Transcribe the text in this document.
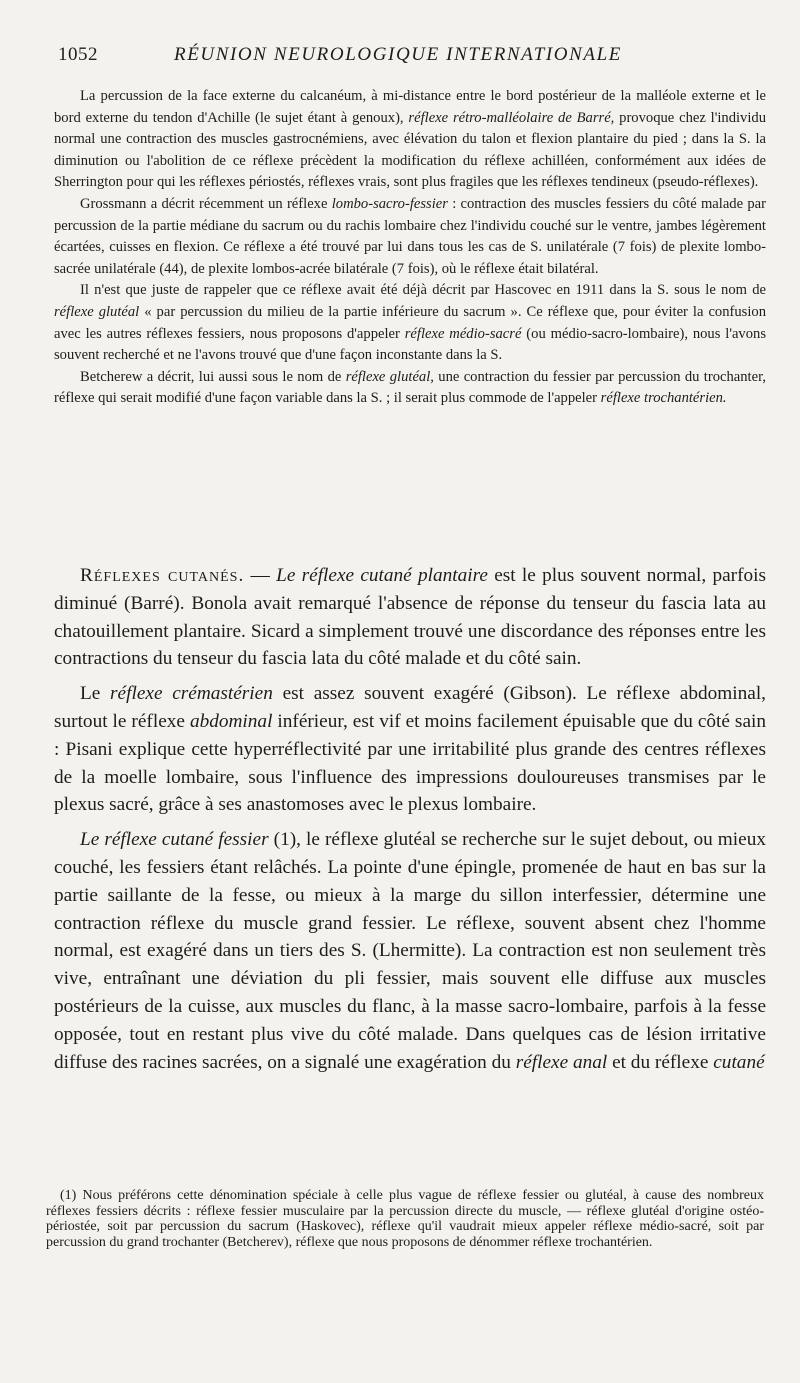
1052	RÉUNION NEUROLOGIQUE INTERNATIONALE

La percussion de la face externe du calcanéum, à mi-distance entre le bord postérieur de la malléole externe et le bord externe du tendon d'Achille (le sujet étant à genoux), réflexe rétro-malléolaire de Barré, provoque chez l'individu normal une contraction des muscles gastrocnémiens, avec élévation du talon et flexion plantaire du pied ; dans la S. la diminution ou l'abolition de ce réflexe précèdent la modification du réflexe achilléen, conformément aux idées de Sherrington pour qui les réflexes périostés, réflexes vrais, sont plus fragiles que les réflexes tendineux (pseudo-réflexes).

Grossmann a décrit récemment un réflexe lombo-sacro-fessier : contraction des muscles fessiers du côté malade par percussion de la partie médiane du sacrum ou du rachis lombaire chez l'individu couché sur le ventre, jambes légèrement écartées, cuisses en flexion. Ce réflexe a été trouvé par lui dans tous les cas de S. unilatérale (7 fois) de plexite lombo-sacrée unilatérale (44), de plexite lombos-acrée bilatérale (7 fois), où le réflexe était bilatéral.

Il n'est que juste de rappeler que ce réflexe avait été déjà décrit par Hascovec en 1911 dans la S. sous le nom de réflexe glutéal « par percussion du milieu de la partie inférieure du sacrum ». Ce réflexe que, pour éviter la confusion avec les autres réflexes fessiers, nous proposons d'appeler réflexe médio-sacré (ou médio-sacro-lombaire), nous l'avons souvent recherché et ne l'avons trouvé que d'une façon inconstante dans la S.

Betcherew a décrit, lui aussi sous le nom de réflexe glutéal, une contraction du fessier par percussion du trochanter, réflexe qui serait modifié d'une façon variable dans la S. ; il serait plus commode de l'appeler réflexe trochantérien.

Réflexes cutanés. — Le réflexe cutané plantaire est le plus souvent normal, parfois diminué (Barré). Bonola avait remarqué l'absence de réponse du tenseur du fascia lata au chatouillement plantaire. Sicard a simplement trouvé une discordance des réponses entre les contractions du tenseur du fascia lata du côté malade et du côté sain.

Le réflexe crémastérien est assez souvent exagéré (Gibson). Le réflexe abdominal, surtout le réflexe abdominal inférieur, est vif et moins facilement épuisable que du côté sain : Pisani explique cette hyperréflectivité par une irritabilité plus grande des centres réflexes de la moelle lombaire, sous l'influence des impressions douloureuses transmises par le plexus sacré, grâce à ses anastomoses avec le plexus lombaire.

Le réflexe cutané fessier (1), le réflexe glutéal se recherche sur le sujet debout, ou mieux couché, les fessiers étant relâchés. La pointe d'une épingle, promenée de haut en bas sur la partie saillante de la fesse, ou mieux à la marge du sillon interfessier, détermine une contraction réflexe du muscle grand fessier. Le réflexe, souvent absent chez l'homme normal, est exagéré dans un tiers des S. (Lhermitte). La contraction est non seulement très vive, entraînant une déviation du pli fessier, mais souvent elle diffuse aux muscles postérieurs de la cuisse, aux muscles du flanc, à la masse sacro-lombaire, parfois à la fesse opposée, tout en restant plus vive du côté malade. Dans quelques cas de lésion irritative diffuse des racines sacrées, on a signalé une exagération du réflexe anal et du réflexe cutané

(1) Nous préférons cette dénomination spéciale à celle plus vague de réflexe fessier ou glutéal, à cause des nombreux réflexes fessiers décrits : réflexe fessier musculaire par la percussion directe du muscle, — réflexe glutéal d'origine ostéo-périostée, soit par percussion du sacrum (Haskovec), réflexe qu'il vaudrait mieux appeler réflexe médio-sacré, soit par percussion du grand trochanter (Betcherev), réflexe que nous proposons de dénommer réflexe trochantérien.
